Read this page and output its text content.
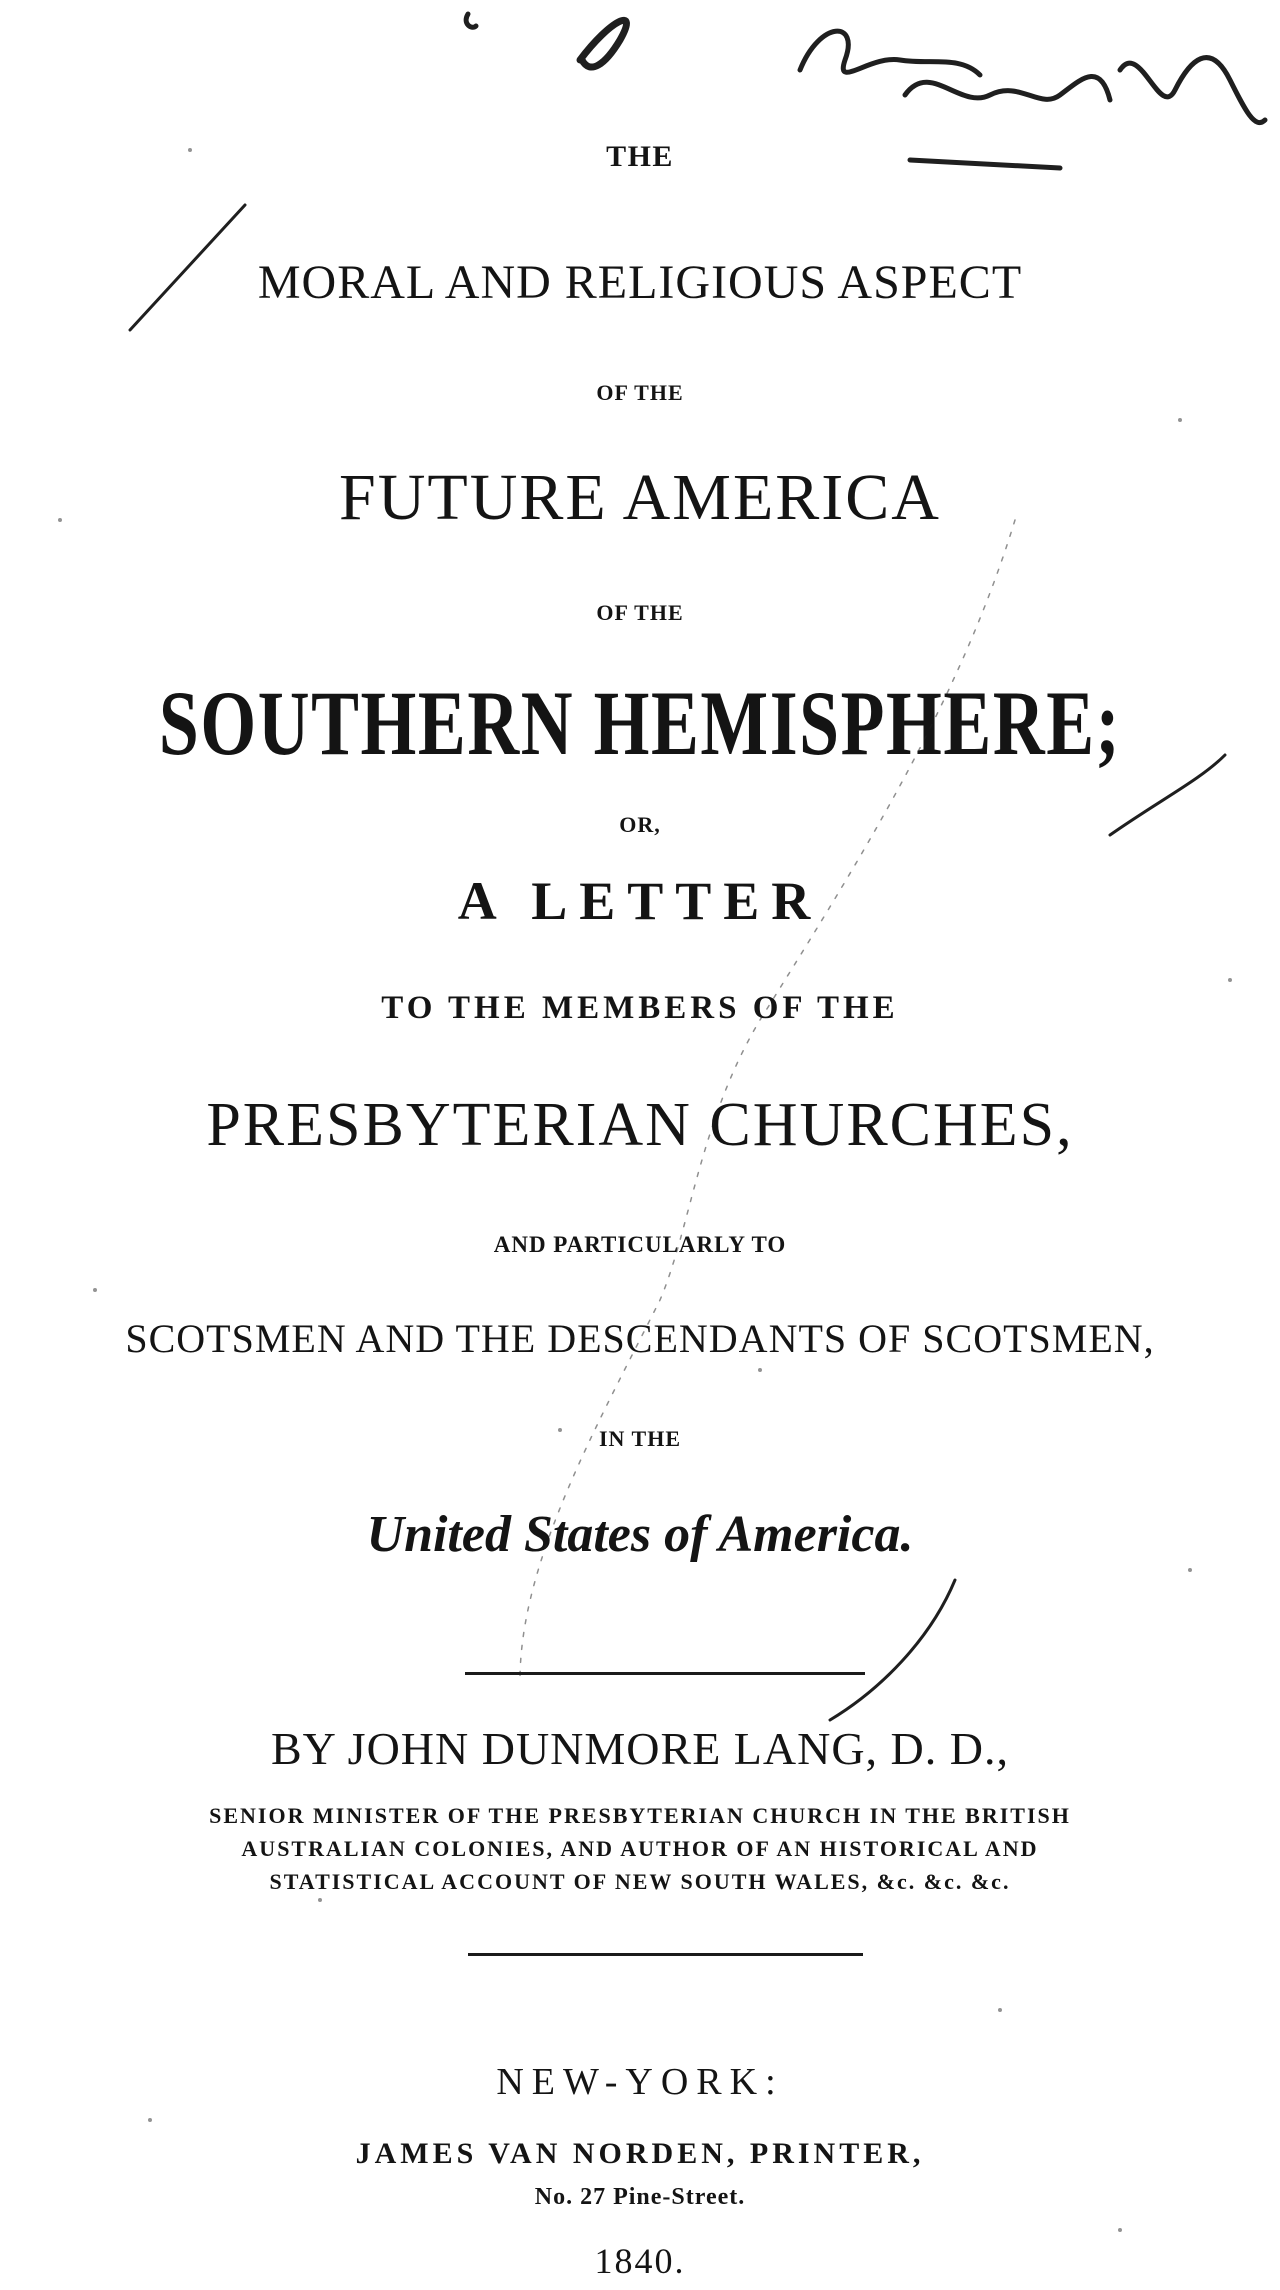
THE
MORAL AND RELIGIOUS ASPECT
OF THE
FUTURE AMERICA
OF THE
SOUTHERN HEMISPHERE;
OR,
A LETTER
TO THE MEMBERS OF THE
PRESBYTERIAN CHURCHES,
AND PARTICULARLY TO
SCOTSMEN AND THE DESCENDANTS OF SCOTSMEN,
IN THE
United States of America.
BY JOHN DUNMORE LANG, D. D.,
SENIOR MINISTER OF THE PRESBYTERIAN CHURCH IN THE BRITISH
AUSTRALIAN COLONIES, AND AUTHOR OF AN HISTORICAL AND
STATISTICAL ACCOUNT OF NEW SOUTH WALES, &c. &c. &c.
NEW-YORK:
JAMES VAN NORDEN, PRINTER,
No. 27 Pine-Street.
1840.
